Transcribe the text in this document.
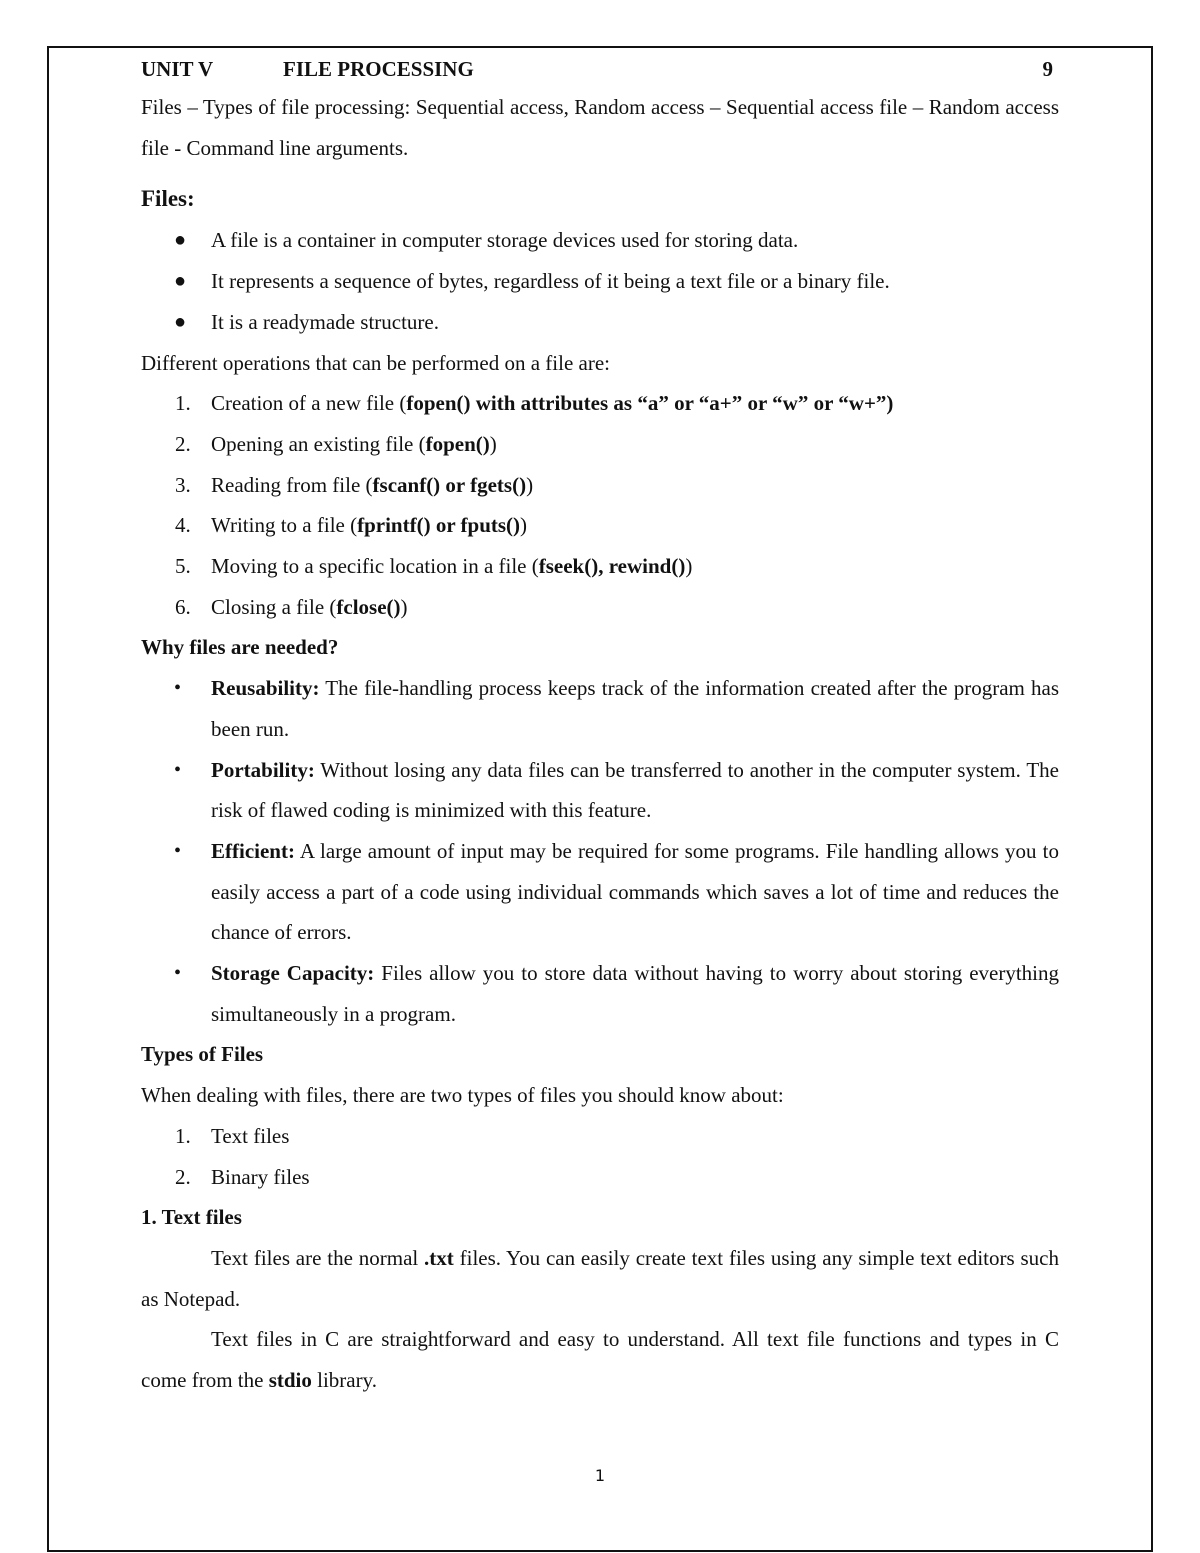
UNIT V	FILE PROCESSING	9

Files – Types of file processing: Sequential access, Random access – Sequential access file – Random access file - Command line arguments.

Files:
● A file is a container in computer storage devices used for storing data.
● It represents a sequence of bytes, regardless of it being a text file or a binary file.
● It is a readymade structure.

Different operations that can be performed on a file are:

1. Creation of a new file (fopen() with attributes as “a” or “a+” or “w” or “w+”)
2. Opening an existing file (fopen())
3. Reading from file (fscanf() or fgets())
4. Writing to a file (fprintf() or fputs())
5. Moving to a specific location in a file (fseek(), rewind())
6. Closing a file (fclose())

Why files are needed?

• Reusability: The file-handling process keeps track of the information created after the program has been run.
• Portability: Without losing any data files can be transferred to another in the computer system. The risk of flawed coding is minimized with this feature.
• Efficient: A large amount of input may be required for some programs. File handling allows you to easily access a part of a code using individual commands which saves a lot of time and reduces the chance of errors.
• Storage Capacity: Files allow you to store data without having to worry about storing everything simultaneously in a program.

Types of Files

When dealing with files, there are two types of files you should know about:

1. Text files
2. Binary files

1. Text files

Text files are the normal .txt files. You can easily create text files using any simple text editors such as Notepad.

Text files in C are straightforward and easy to understand. All text file functions and types in C come from the stdio library.

1
